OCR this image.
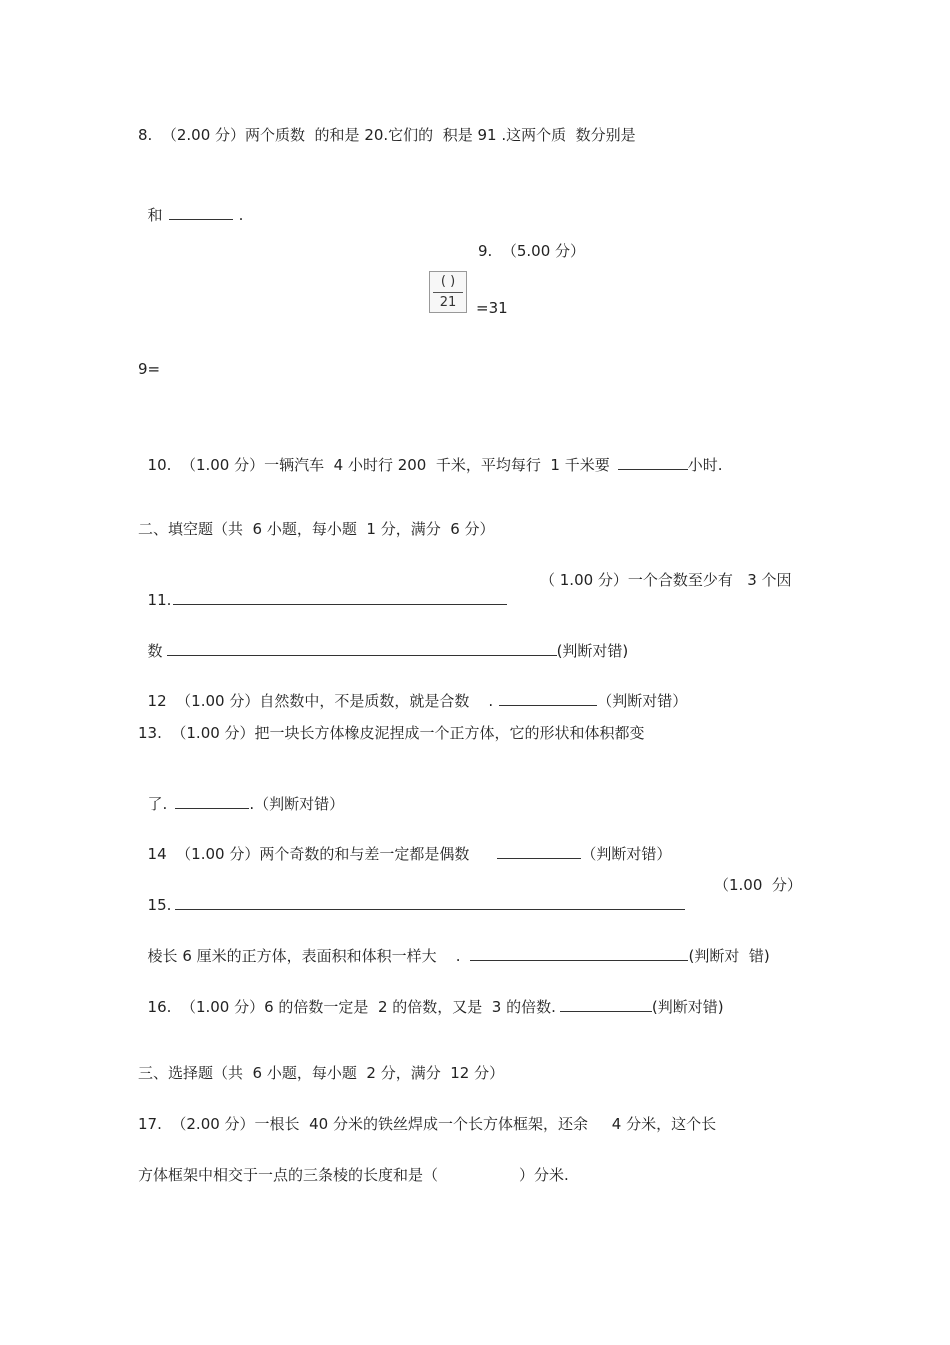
8.  （2.00 分）两个质数  的和是 20.它们的  积是 91 .这两个质  数分别是

和	.

9.  （5.00 分）
( )
21	=31
9=

10.  （1.00 分）一辆汽车  4 小时行 200  千米，平均每行  1 千米要	小时.

二、填空题（共  6 小题，每小题  1 分，满分  6 分）

11.

（ 1.00 分）一个合数至少有   3 个因

数	(判断对错)

12  （1.00 分）自然数中，不是质数，就是合数    .	（判断对错）

13.  （1.00 分）把一块长方体橡皮泥捏成一个正方体，它的形状和体积都变

了.	.（判断对错）

14  （1.00 分）两个奇数的和与差一定都是偶数	（判断对错）

15.

（1.00  分）

棱长 6 厘米的正方体，表面积和体积一样大    .	(判断对  错)

16.  （1.00 分）6 的倍数一定是  2 的倍数，又是  3 的倍数.	(判断对错)

三、选择题（共  6 小题，每小题  2 分，满分  12 分）
17.  （2.00 分）一根长  40 分米的铁丝焊成一个长方体框架，还余     4 分米，这个长
方体框架中相交于一点的三条棱的长度和是（                 ）分米.
